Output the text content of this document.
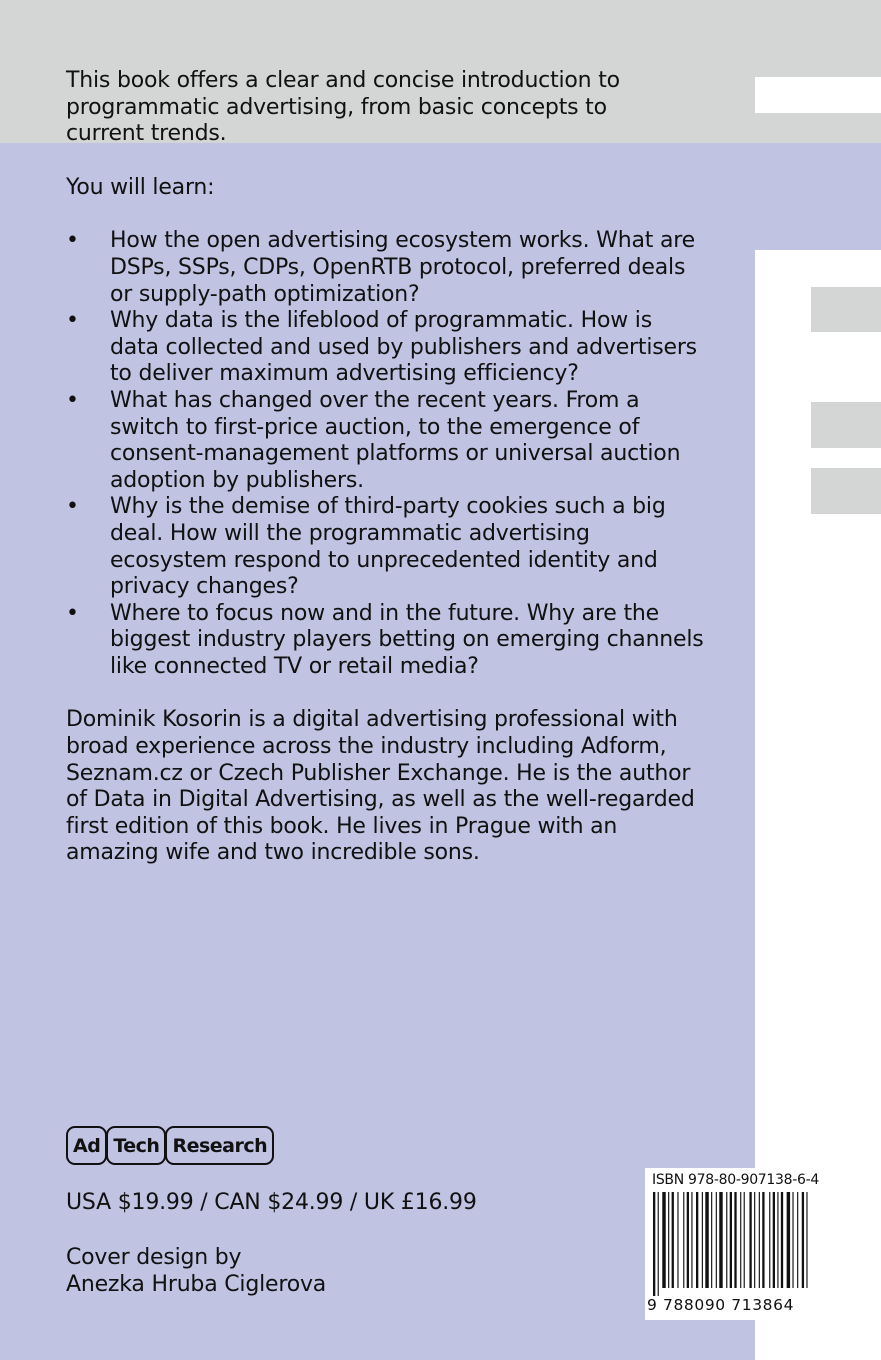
This book offers a clear and concise introduction to programmatic advertising, from basic concepts to current trends.

You will learn:

• How the open advertising ecosystem works. What are DSPs, SSPs, CDPs, OpenRTB protocol, preferred deals or supply-path optimization?
• Why data is the lifeblood of programmatic. How is data collected and used by publishers and advertisers to deliver maximum advertising efficiency?
• What has changed over the recent years. From a switch to first-price auction, to the emergence of consent-management platforms or universal auction adoption by publishers.
• Why is the demise of third-party cookies such a big deal. How will the programmatic advertising ecosystem respond to unprecedented identity and privacy changes?
• Where to focus now and in the future. Why are the biggest industry players betting on emerging channels like connected TV or retail media?

Dominik Kosorin is a digital advertising professional with broad experience across the industry including Adform, Seznam.cz or Czech Publisher Exchange. He is the author of Data in Digital Advertising, as well as the well-regarded first edition of this book. He lives in Prague with an amazing wife and two incredible sons.

Ad Tech Research
USA $19.99 / CAN $24.99 / UK £16.99
Cover design by
Anezka Hruba Ciglerova
ISBN 978-80-907138-6-4
9 788090 713864
